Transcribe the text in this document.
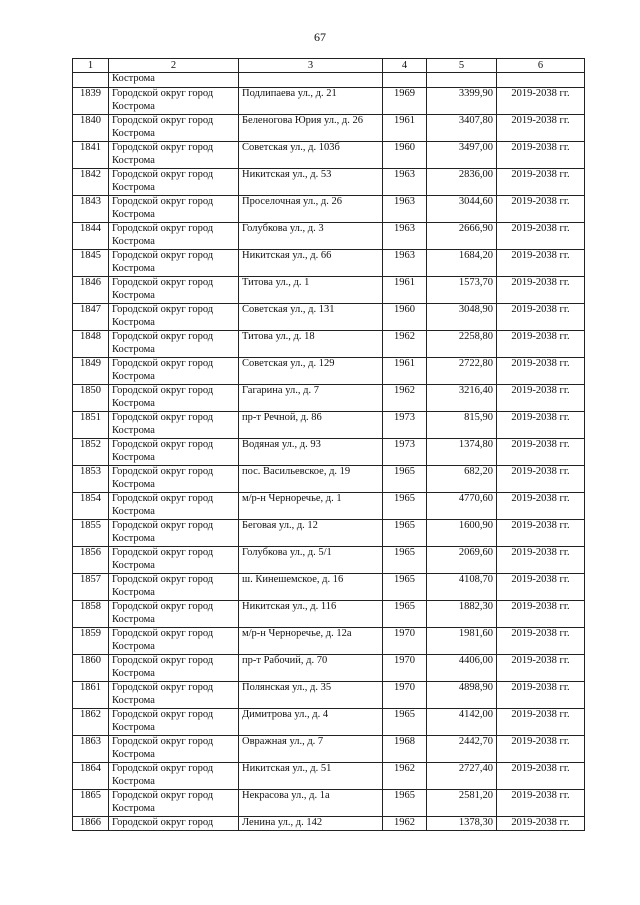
67
1	2	3	4	5	6
	Кострома				
1839	Городской округ город Кострома	Подлипаева ул., д. 21	1969	3399,90	2019-2038 гг.
1840	Городской округ город Кострома	Беленогова Юрия ул., д. 26	1961	3407,80	2019-2038 гг.
1841	Городской округ город Кострома	Советская ул., д. 103б	1960	3497,00	2019-2038 гг.
1842	Городской округ город Кострома	Никитская ул., д. 53	1963	2836,00	2019-2038 гг.
1843	Городской округ город Кострома	Проселочная ул., д. 26	1963	3044,60	2019-2038 гг.
1844	Городской округ город Кострома	Голубкова ул., д. 3	1963	2666,90	2019-2038 гг.
1845	Городской округ город Кострома	Никитская ул., д. 66	1963	1684,20	2019-2038 гг.
1846	Городской округ город Кострома	Титова ул., д. 1	1961	1573,70	2019-2038 гг.
1847	Городской округ город Кострома	Советская ул., д. 131	1960	3048,90	2019-2038 гг.
1848	Городской округ город Кострома	Титова ул., д. 18	1962	2258,80	2019-2038 гг.
1849	Городской округ город Кострома	Советская ул., д. 129	1961	2722,80	2019-2038 гг.
1850	Городской округ город Кострома	Гагарина ул., д. 7	1962	3216,40	2019-2038 гг.
1851	Городской округ город Кострома	пр-т Речной, д. 86	1973	815,90	2019-2038 гг.
1852	Городской округ город Кострома	Водяная ул., д. 93	1973	1374,80	2019-2038 гг.
1853	Городской округ город Кострома	пос. Васильевское, д. 19	1965	682,20	2019-2038 гг.
1854	Городской округ город Кострома	м/р-н Черноречье, д. 1	1965	4770,60	2019-2038 гг.
1855	Городской округ город Кострома	Беговая ул., д. 12	1965	1600,90	2019-2038 гг.
1856	Городской округ город Кострома	Голубкова ул., д. 5/1	1965	2069,60	2019-2038 гг.
1857	Городской округ город Кострома	ш. Кинешемское, д. 16	1965	4108,70	2019-2038 гг.
1858	Городской округ город Кострома	Никитская ул., д. 116	1965	1882,30	2019-2038 гг.
1859	Городской округ город Кострома	м/р-н Черноречье, д. 12а	1970	1981,60	2019-2038 гг.
1860	Городской округ город Кострома	пр-т Рабочий, д. 70	1970	4406,00	2019-2038 гг.
1861	Городской округ город Кострома	Полянская ул., д. 35	1970	4898,90	2019-2038 гг.
1862	Городской округ город Кострома	Димитрова ул., д. 4	1965	4142,00	2019-2038 гг.
1863	Городской округ город Кострома	Овражная ул., д. 7	1968	2442,70	2019-2038 гг.
1864	Городской округ город Кострома	Никитская ул., д. 51	1962	2727,40	2019-2038 гг.
1865	Городской округ город Кострома	Некрасова ул., д. 1а	1965	2581,20	2019-2038 гг.
1866	Городской округ город	Ленина ул., д. 142	1962	1378,30	2019-2038 гг.
